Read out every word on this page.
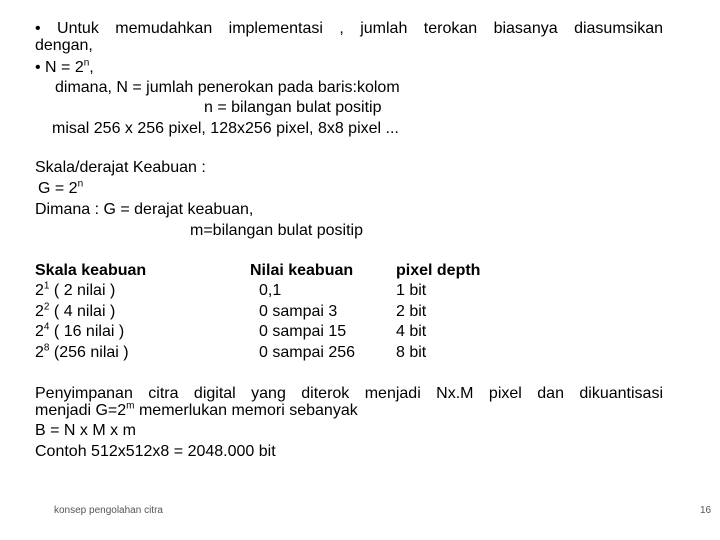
• Untuk memudahkan implementasi , jumlah terokan biasanya diasumsikan
dengan,
• $N = 2^n$,
dimana, N = jumlah penerokan pada baris:kolom
n = bilangan bulat positip
misal 256 x 256 pixel, 128x256 pixel, 8x8 pixel ...
Skala/derajat Keabuan :
$G = 2^n$
Dimana : G = derajat keabuan,
m=bilangan bulat positip
Skala keabuan	Nilai keabuan	pixel depth
$2^1$ ( 2 nilai )	0,1	1 bit
$2^2$ ( 4 nilai )	0 sampai 3	2 bit
$2^4$ ( 16 nilai )	0 sampai 15	4 bit
$2^8$ (256 nilai )	0 sampai 256	8 bit
Penyimpanan citra digital yang diterok menjadi Nx.M pixel dan dikuantisasi
menjadi $G=2^m$ memerlukan memori sebanyak
B = N x M x m
Contoh 512x512x8 = 2048.000 bit
konsep pengolahan citra	16
